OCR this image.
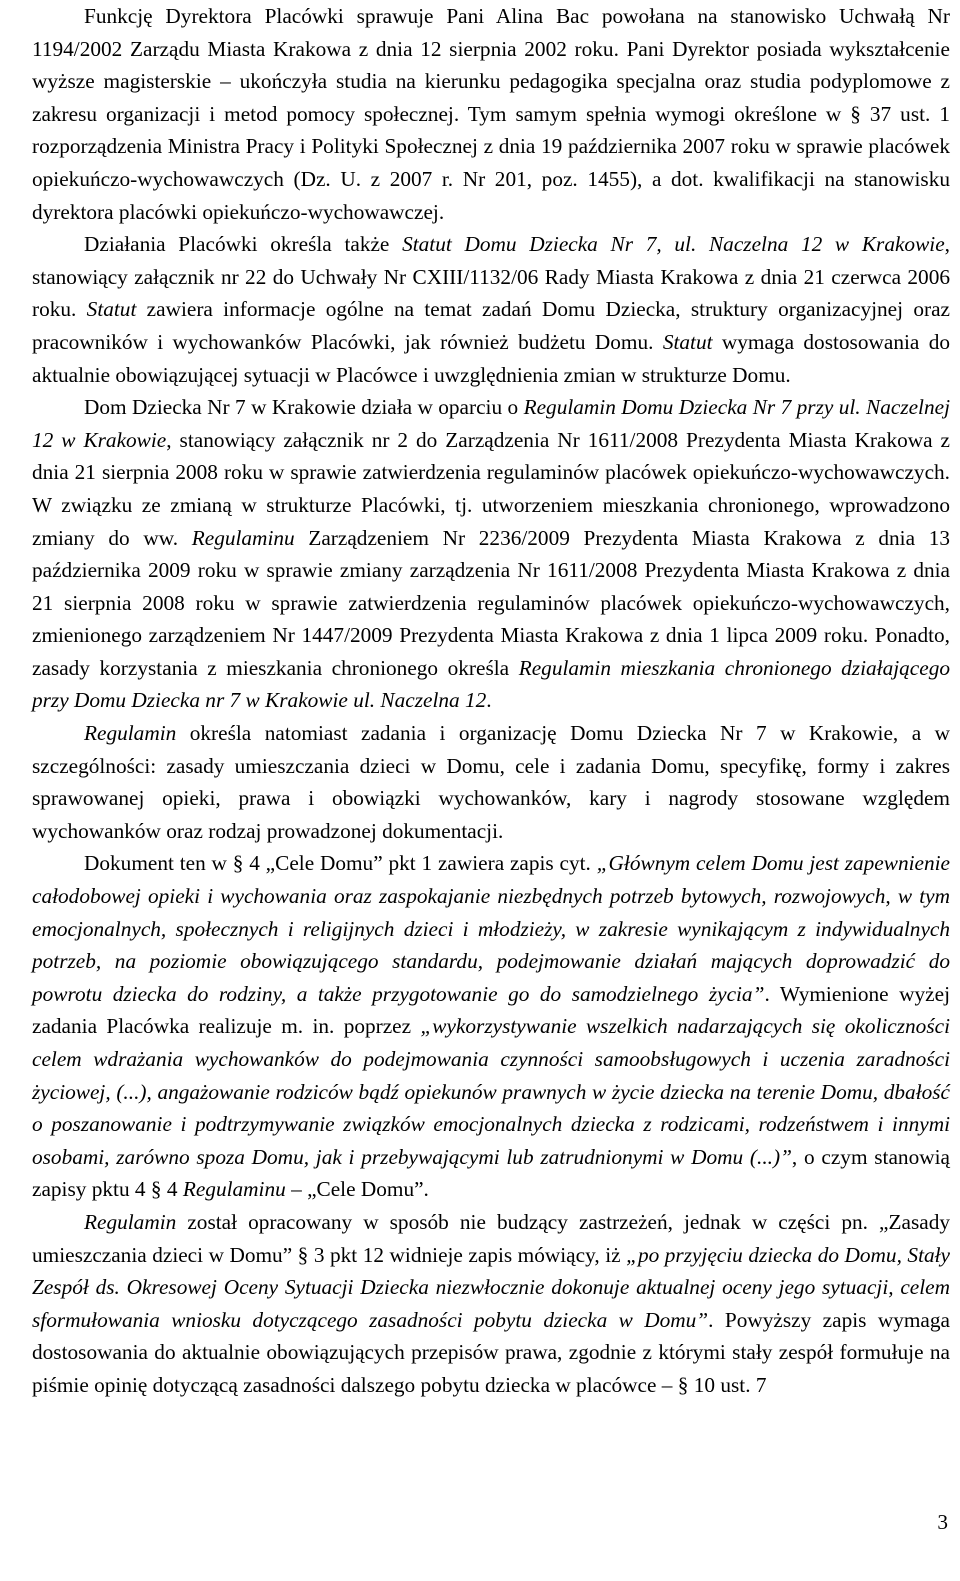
Funkcję Dyrektora Placówki sprawuje Pani Alina Bac powołana na stanowisko Uchwałą Nr 1194/2002 Zarządu Miasta Krakowa z dnia 12 sierpnia 2002 roku. Pani Dyrektor posiada wykształcenie wyższe magisterskie – ukończyła studia na kierunku pedagogika specjalna oraz studia podyplomowe z zakresu organizacji i metod pomocy społecznej. Tym samym spełnia wymogi określone w § 37 ust. 1 rozporządzenia Ministra Pracy i Polityki Społecznej z dnia 19 października 2007 roku w sprawie placówek opiekuńczo-wychowawczych (Dz. U. z 2007 r. Nr 201, poz. 1455), a dot. kwalifikacji na stanowisku dyrektora placówki opiekuńczo-wychowawczej.

Działania Placówki określa także Statut Domu Dziecka Nr 7, ul. Naczelna 12 w Krakowie, stanowiący załącznik nr 22 do Uchwały Nr CXIII/1132/06 Rady Miasta Krakowa z dnia 21 czerwca 2006 roku. Statut zawiera informacje ogólne na temat zadań Domu Dziecka, struktury organizacyjnej oraz pracowników i wychowanków Placówki, jak również budżetu Domu. Statut wymaga dostosowania do aktualnie obowiązującej sytuacji w Placówce i uwzględnienia zmian w strukturze Domu.

Dom Dziecka Nr 7 w Krakowie działa w oparciu o Regulamin Domu Dziecka Nr 7 przy ul. Naczelnej 12 w Krakowie, stanowiący załącznik nr 2 do Zarządzenia Nr 1611/2008 Prezydenta Miasta Krakowa z dnia 21 sierpnia 2008 roku w sprawie zatwierdzenia regulaminów placówek opiekuńczo-wychowawczych. W związku ze zmianą w strukturze Placówki, tj. utworzeniem mieszkania chronionego, wprowadzono zmiany do ww. Regulaminu Zarządzeniem Nr 2236/2009 Prezydenta Miasta Krakowa z dnia 13 października 2009 roku w sprawie zmiany zarządzenia Nr 1611/2008 Prezydenta Miasta Krakowa z dnia 21 sierpnia 2008 roku w sprawie zatwierdzenia regulaminów placówek opiekuńczo-wychowawczych, zmienionego zarządzeniem Nr 1447/2009 Prezydenta Miasta Krakowa z dnia 1 lipca 2009 roku. Ponadto, zasady korzystania z mieszkania chronionego określa Regulamin mieszkania chronionego działającego przy Domu Dziecka nr 7 w Krakowie ul. Naczelna 12.

Regulamin określa natomiast zadania i organizację Domu Dziecka Nr 7 w Krakowie, a w szczególności: zasady umieszczania dzieci w Domu, cele i zadania Domu, specyfikę, formy i zakres sprawowanej opieki, prawa i obowiązki wychowanków, kary i nagrody stosowane względem wychowanków oraz rodzaj prowadzonej dokumentacji.

Dokument ten w § 4 „Cele Domu” pkt 1 zawiera zapis cyt. „Głównym celem Domu jest zapewnienie całodobowej opieki i wychowania oraz zaspokajanie niezbędnych potrzeb bytowych, rozwojowych, w tym emocjonalnych, społecznych i religijnych dzieci i młodzieży, w zakresie wynikającym z indywidualnych potrzeb, na poziomie obowiązującego standardu, podejmowanie działań mających doprowadzić do powrotu dziecka do rodziny, a także przygotowanie go do samodzielnego życia”. Wymienione wyżej zadania Placówka realizuje m. in. poprzez „wykorzystywanie wszelkich nadarzających się okoliczności celem wdrażania wychowanków do podejmowania czynności samoobsługowych i uczenia zaradności życiowej, (...), angażowanie rodziców bądź opiekunów prawnych w życie dziecka na terenie Domu, dbałość o poszanowanie i podtrzymywanie związków emocjonalnych dziecka z rodzicami, rodzeństwem i innymi osobami, zarówno spoza Domu, jak i przebywającymi lub zatrudnionymi w Domu (...)”, o czym stanowią zapisy pktu 4 § 4 Regulaminu – „Cele Domu”.

Regulamin został opracowany w sposób nie budzący zastrzeżeń, jednak w części pn. „Zasady umieszczania dzieci w Domu” § 3 pkt 12 widnieje zapis mówiący, iż „po przyjęciu dziecka do Domu, Stały Zespół ds. Okresowej Oceny Sytuacji Dziecka niezwłocznie dokonuje aktualnej oceny jego sytuacji, celem sformułowania wniosku dotyczącego zasadności pobytu dziecka w Domu”. Powyższy zapis wymaga dostosowania do aktualnie obowiązujących przepisów prawa, zgodnie z którymi stały zespół formułuje na piśmie opinię dotyczącą zasadności dalszego pobytu dziecka w placówce – § 10 ust. 7

3
